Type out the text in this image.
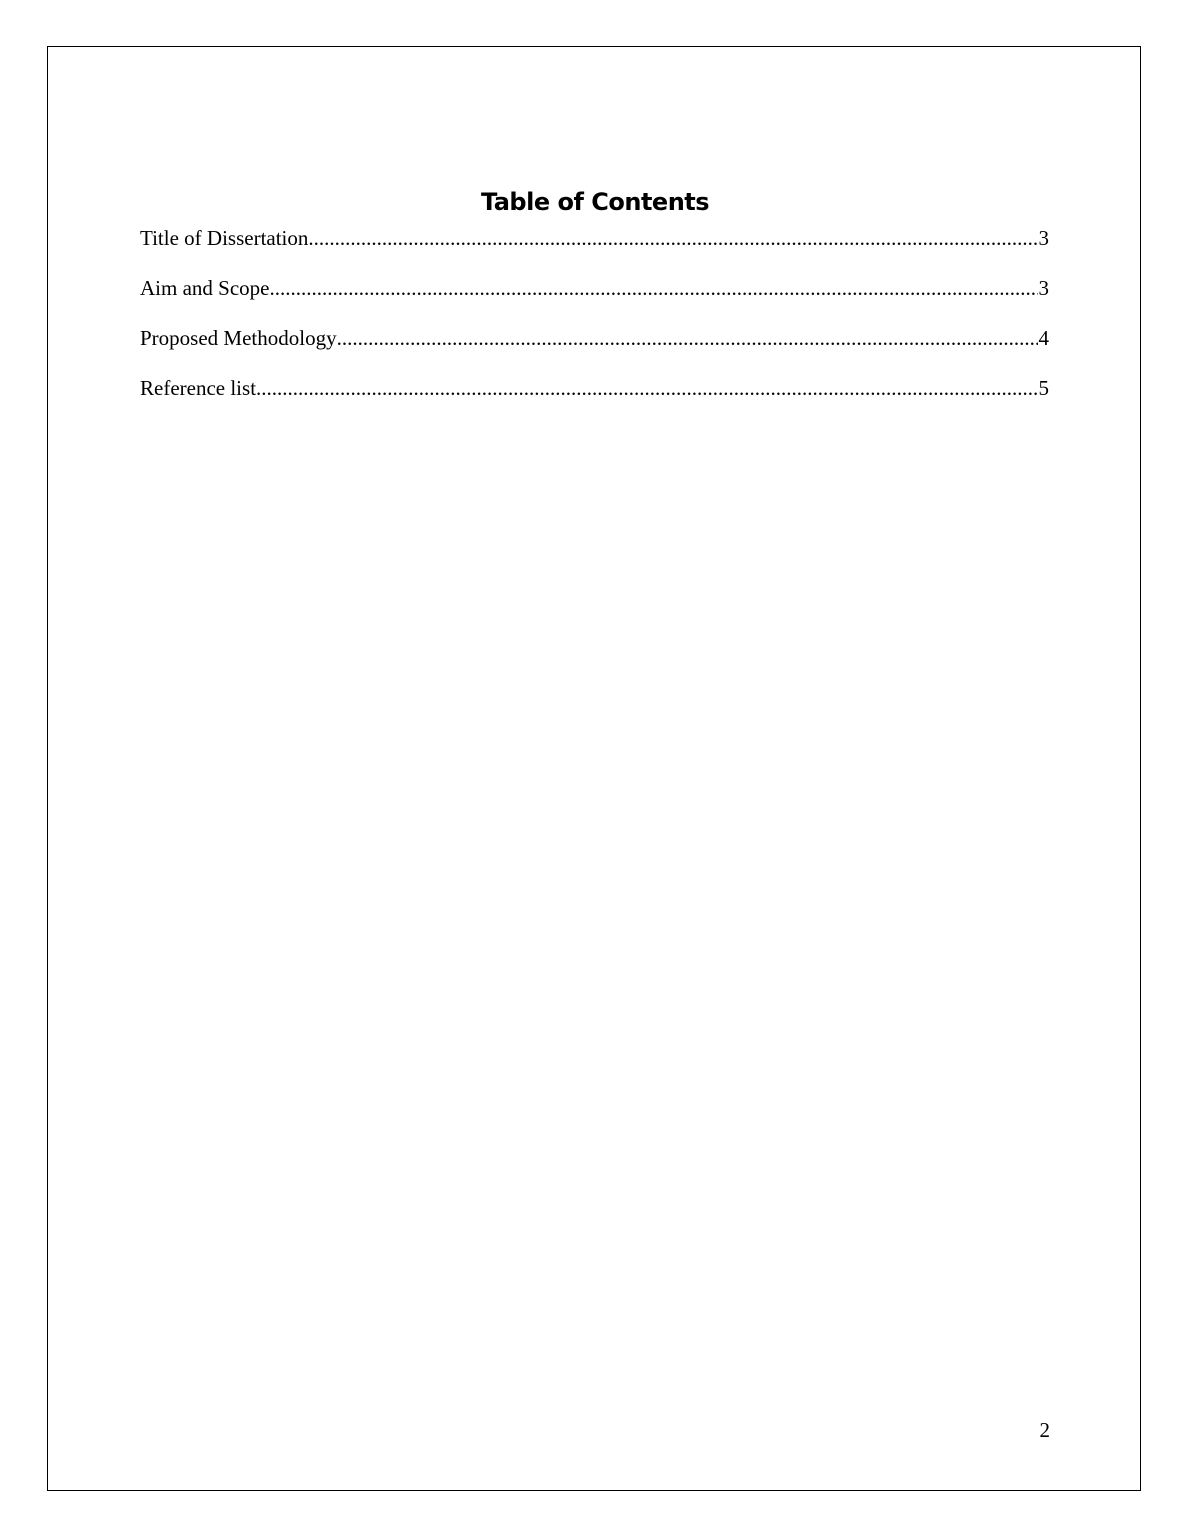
Table of Contents
Title of Dissertation .....	3
Aim and Scope .....	3
Proposed Methodology .....	4
Reference list .....	5
2
